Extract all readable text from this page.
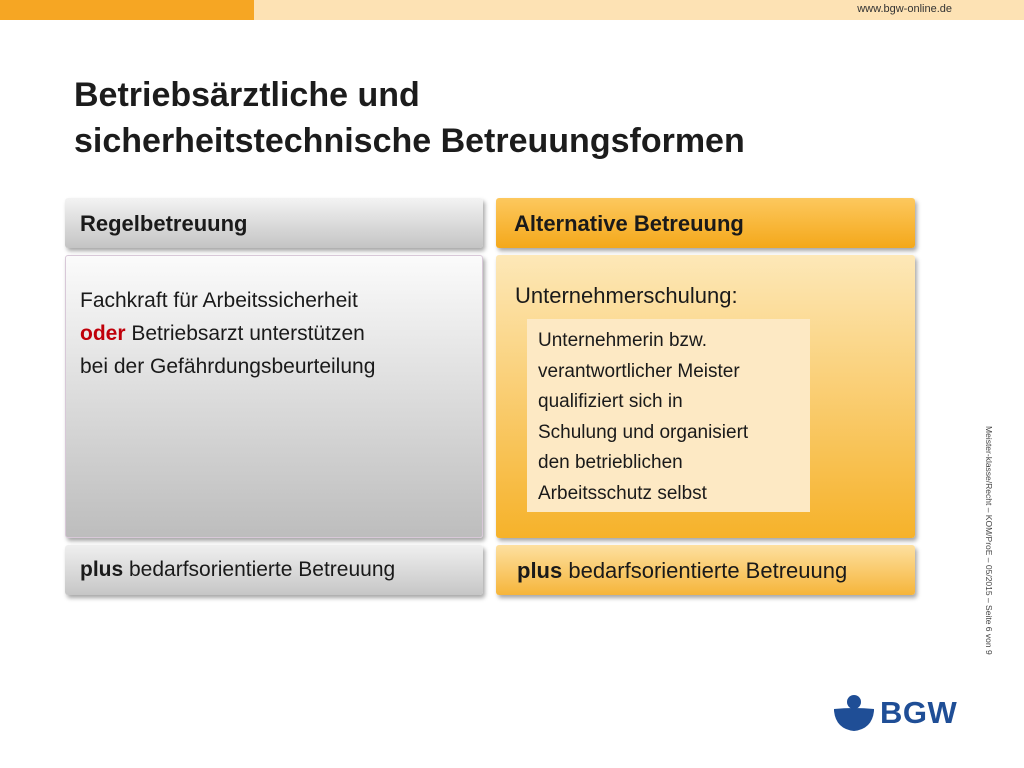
www.bgw-online.de
Betriebsärztliche und
sicherheitstechnische Betreuungsformen
Regelbetreuung
Fachkraft für Arbeitssicherheit
oder Betriebsarzt unterstützen
bei der Gefährdungsbeurteilung
plus bedarfsorientierte Betreuung
Alternative Betreuung
Unternehmerschulung:
Unternehmerin bzw.
verantwortlicher Meister
qualifiziert sich in
Schulung und organisiert
den betrieblichen
Arbeitsschutz selbst
plus bedarfsorientierte Betreuung	Meister-klasse/Recht – KOM/ProE – 05/2015 – Seite 6 von 9
BGW
